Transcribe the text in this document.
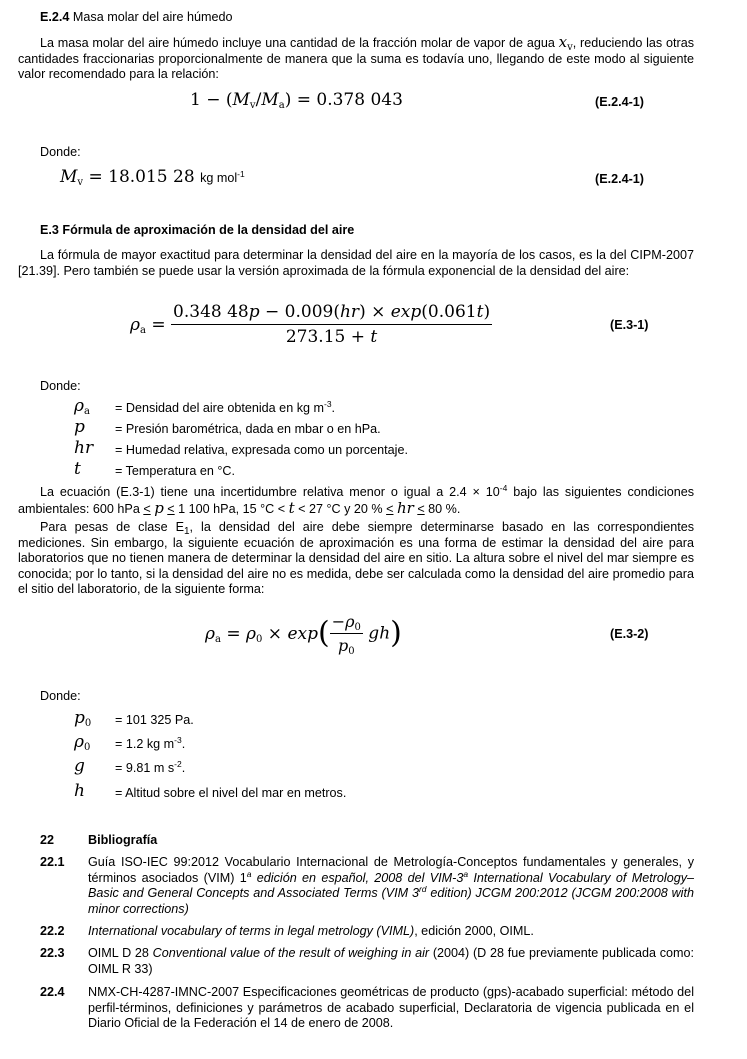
E.2.4 Masa molar del aire húmedo
La masa molar del aire húmedo incluye una cantidad de la fracción molar de vapor de agua $x_v$, reduciendo las otras cantidades fraccionarias proporcionalmente de manera que la suma es todavía uno, llegando de este modo al siguiente valor recomendado para la relación:
$1 - (M_v/M_a) = 0.378$ 043	(E.2.4-1)
Donde:
$M_v = 18.015$ 28 kg mol$^{-1}$	(E.2.4-1)
E.3 Fórmula de aproximación de la densidad del aire
La fórmula de mayor exactitud para determinar la densidad del aire en la mayoría de los casos, es la del CIPM-2007 [21.39]. Pero también se puede usar la versión aproximada de la fórmula exponencial de la densidad del aire:
$\rho_a = \frac{0.348 48p - 0.009(hr) \times \exp(0.061t)}{273.15 + t}$	(E.3-1)
Donde:
$\rho_a$ = Densidad del aire obtenida en kg $m^{-3}$.
p = Presión barométrica, dada en mbar o en hPa.
hr = Humedad relativa, expresada como un porcentaje.
t	= Temperatura en °C.
La ecuación (E.3-1) tiene una incertidumbre relativa menor o igual a $2.4 \times 10^{-4}$ bajo las siguientes condiciones ambientales: 600 hPa < p < 1 100 hPa, 15 °C < t < 27 °C y 20 % < hr < 80 %.
Para pesas de clase $E_1$, la densidad del aire debe siempre determinarse basado en las correspondientes mediciones. Sin embargo, la siguiente ecuación de aproximación es una forma de estimar la densidad del aire para laboratorios que no tienen manera de determinar la densidad del aire en sitio. La altura sobre el nivel del mar siempre es conocida; por lo tanto, si la densidad del aire no es medida, debe ser calculada como la densidad del aire promedio para el sitio del laboratorio, de la siguiente forma:
$\rho_a = \rho_0 \times \exp( \frac{-\rho_0}{p_0} gh)$	(E.3-2)
Donde:
$p_0 = 101$ 325 Pa.
$\rho_0 = 1.2$ kg $m^{-3}$.
g = 9.81 m $s^{-2}$.
h = Altitud sobre el nivel del mar en metros.
22	Bibliografía
22.1 Guía ISO-IEC 99:2012 Vocabulario Internacional de Metrología-Conceptos fundamentales y generales, y términos asociados (VIM) 1$^a$ edición en español, 2008 del VIM-3$^a$ International Vocabulary of Metrology–Basic and General Concepts and Associated Terms (VIM 3rd edition) JCGM 200:2012 (JCGM 200:2008 with minor corrections)
22.2 International vocabulary of terms in legal metrology (VIML), edición 2000, OIML.
22.3 OIML D 28 Conventional value of the result of weighing in air (2004) (D 28 fue previamente publicada como: OIML R 33)
22.4 NMX-CH-4287-IMNC-2007 Especificaciones geométricas de producto (gps)-acabado superficial: método del perfil-términos, definiciones y parámetros de acabado superficial, Declaratoria de vigencia publicada en el Diario Oficial de la Federación el 14 de enero de 2008.
